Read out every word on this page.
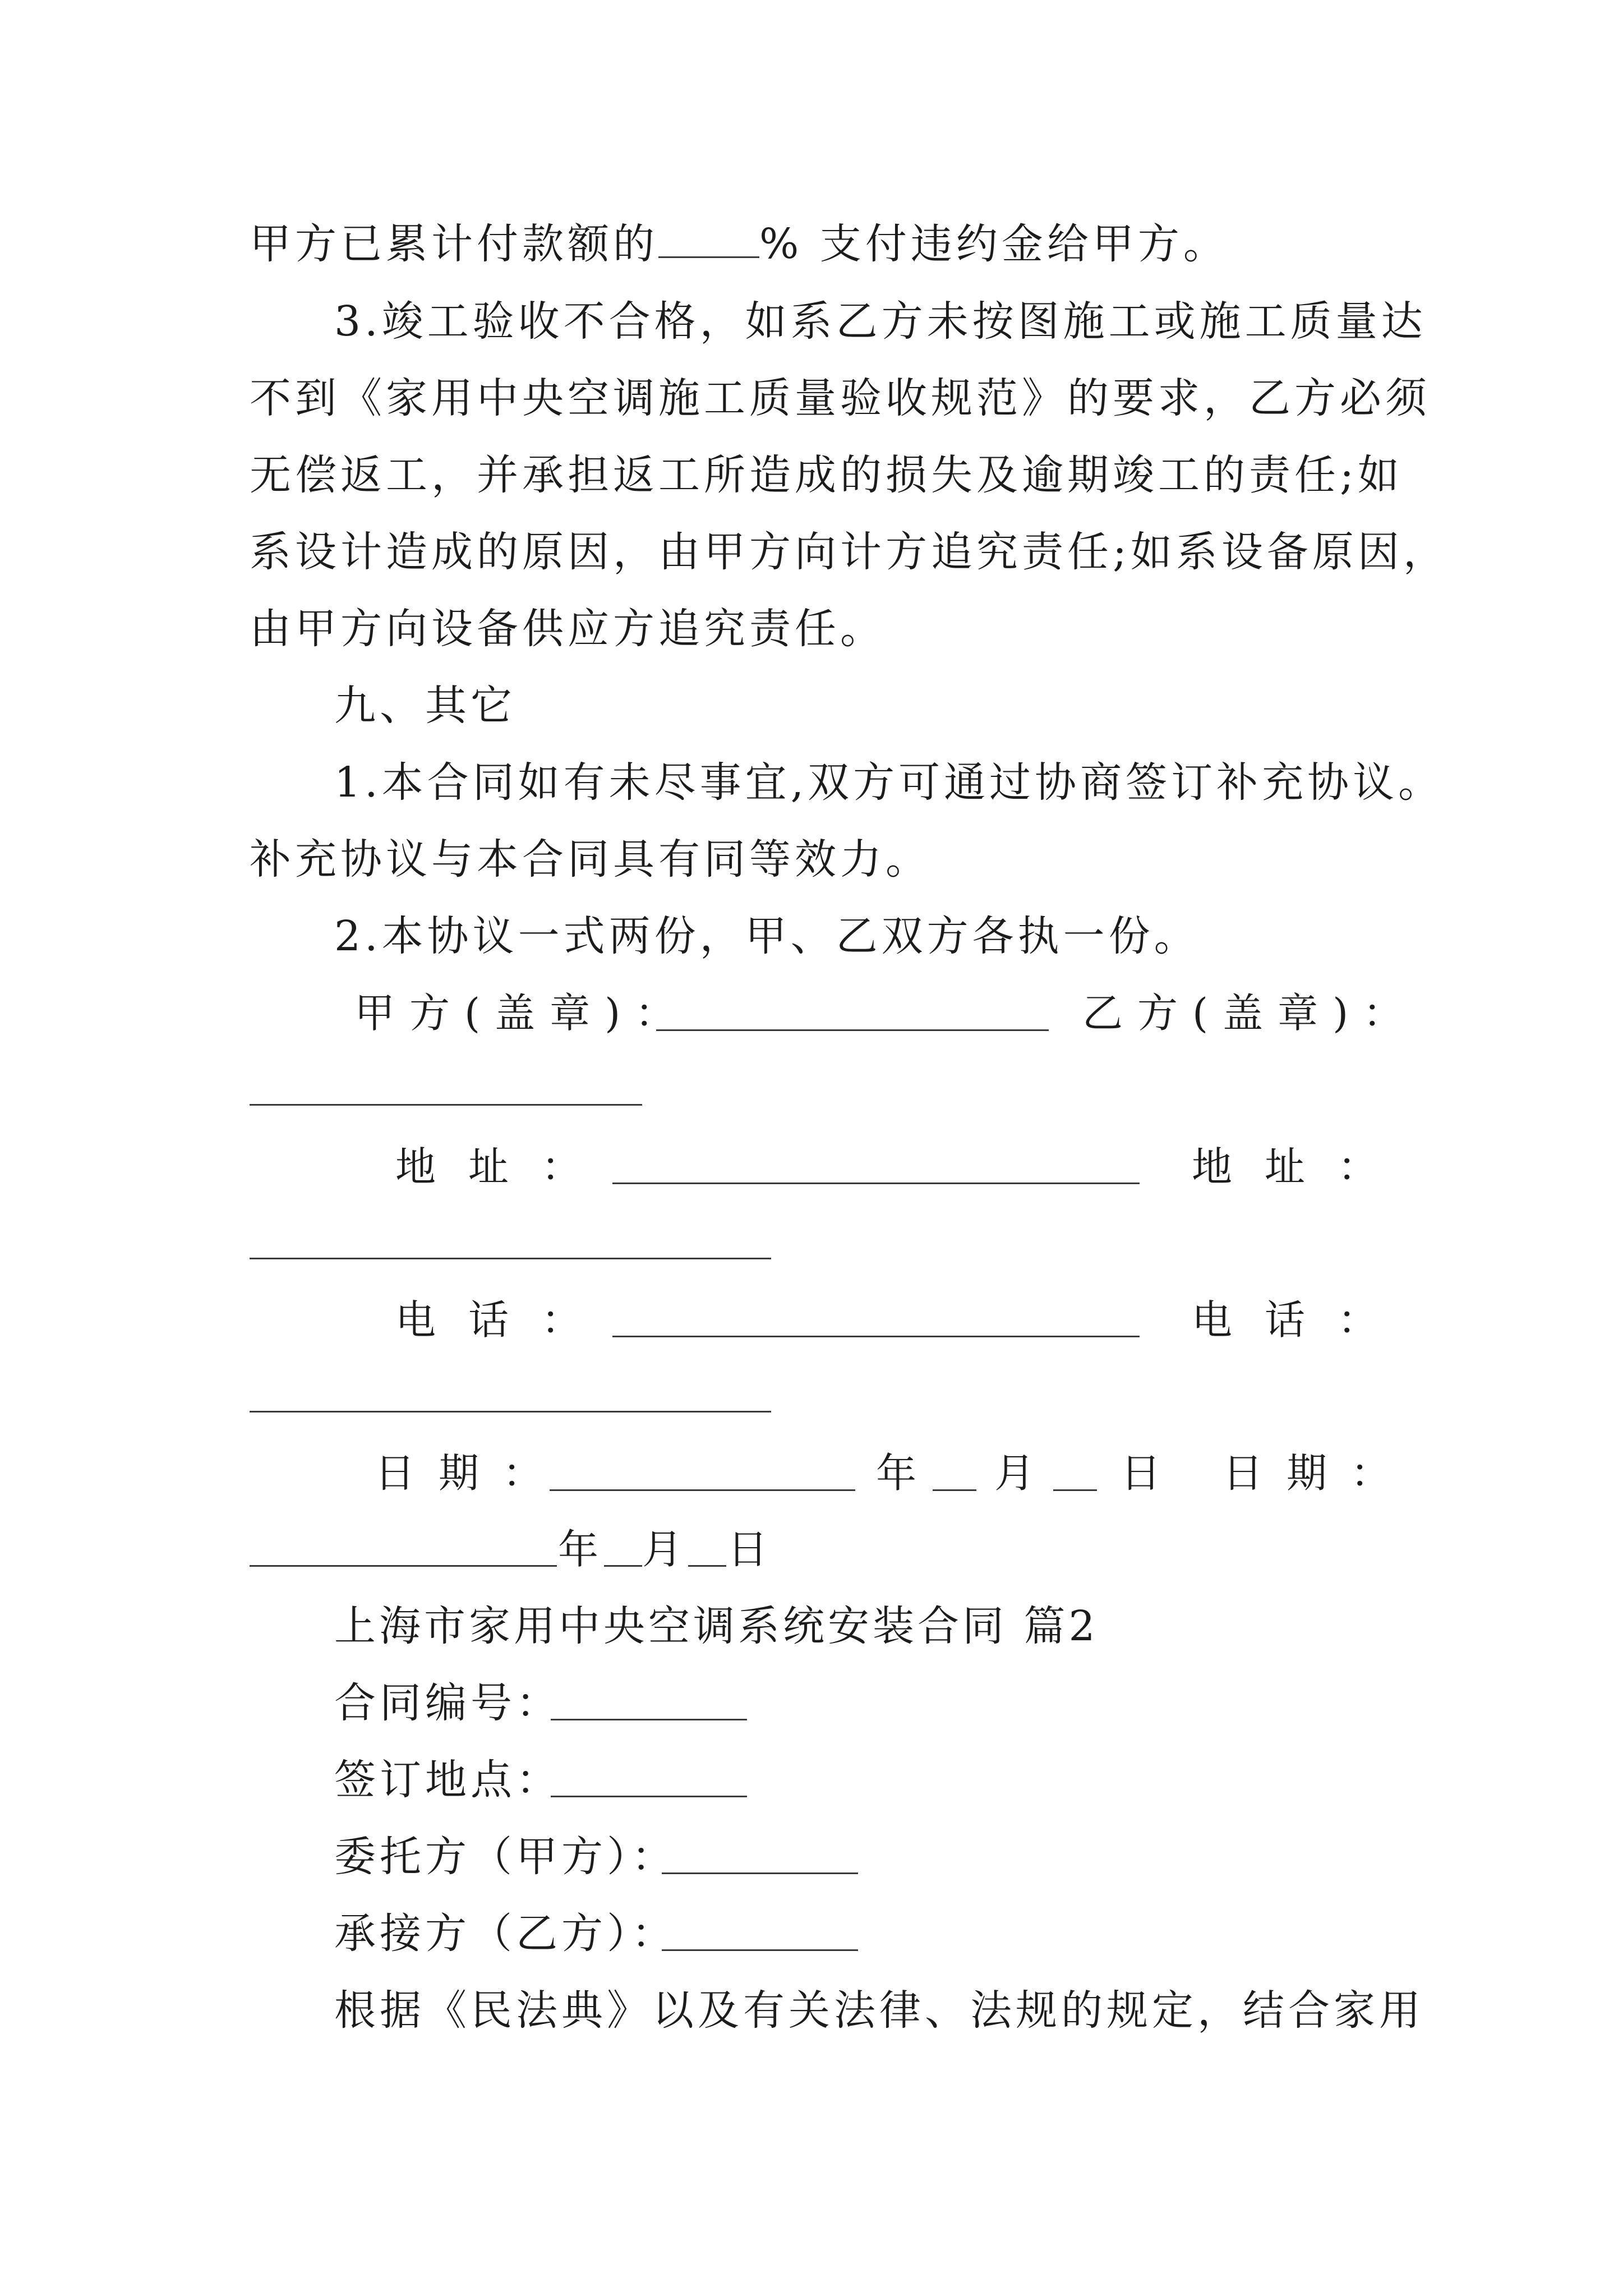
甲方已累计付款额的 % 支付违约金给甲方。
3.竣工验收不合格，如系乙方未按图施工或施工质量达
不到《家用中央空调施工质量验收规范》的要求，乙方必须
无偿返工，并承担返工所造成的损失及逾期竣工的责任;如
系设计造成的原因，由甲方向计方追究责任;如系设备原因，
由甲方向设备供应方追究责任。
九、其它
1.本合同如有未尽事宜,双方可通过协商签订补充协议。
补充协议与本合同具有同等效力。
2.本协议一式两份，甲、乙双方各执一份。
甲方(盖章)：	乙方(盖章)：
地址：	地址：
电话：	电话：
日期：	年 月 日 日期：
年 月 日
上海市家用中央空调系统安装合同 篇2
合同编号：
签订地点：
委托方（甲方）：
承接方（乙方）：
根据《民法典》以及有关法律、法规的规定，结合家用
